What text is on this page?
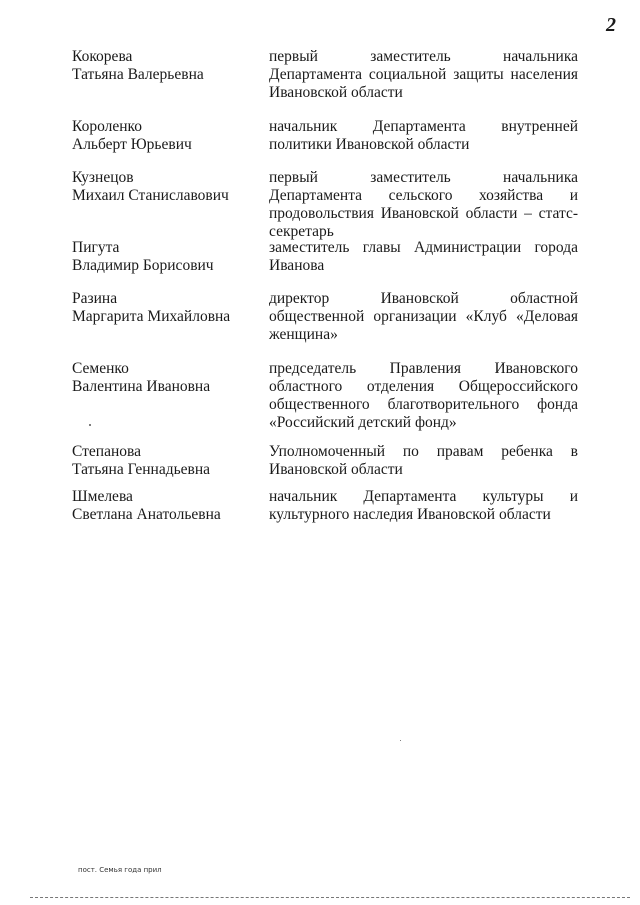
2
Кокорева
Татьяна Валерьевна
первый заместитель начальника Департамента социальной защиты населения Ивановской области
Короленко
Альберт Юрьевич
начальник Департамента внутренней политики Ивановской области
Кузнецов
Михаил Станиславович
первый заместитель начальника Департамента сельского хозяйства и продовольствия Ивановской области – статс-секретарь
Пигута
Владимир Борисович
заместитель главы Администрации города Иванова
Разина
Маргарита Михайловна
директор Ивановской областной общественной организации «Клуб «Деловая женщина»
Семенко
Валентина Ивановна
председатель Правления Ивановского областного отделения Общероссийского общественного благотворительного фонда «Российский детский фонд»
Степанова
Татьяна Геннадьевна
Уполномоченный по правам ребенка в Ивановской области
Шмелева
Светлана Анатольевна
начальник Департамента культуры и культурного наследия Ивановской области
пост. Семья года прил
